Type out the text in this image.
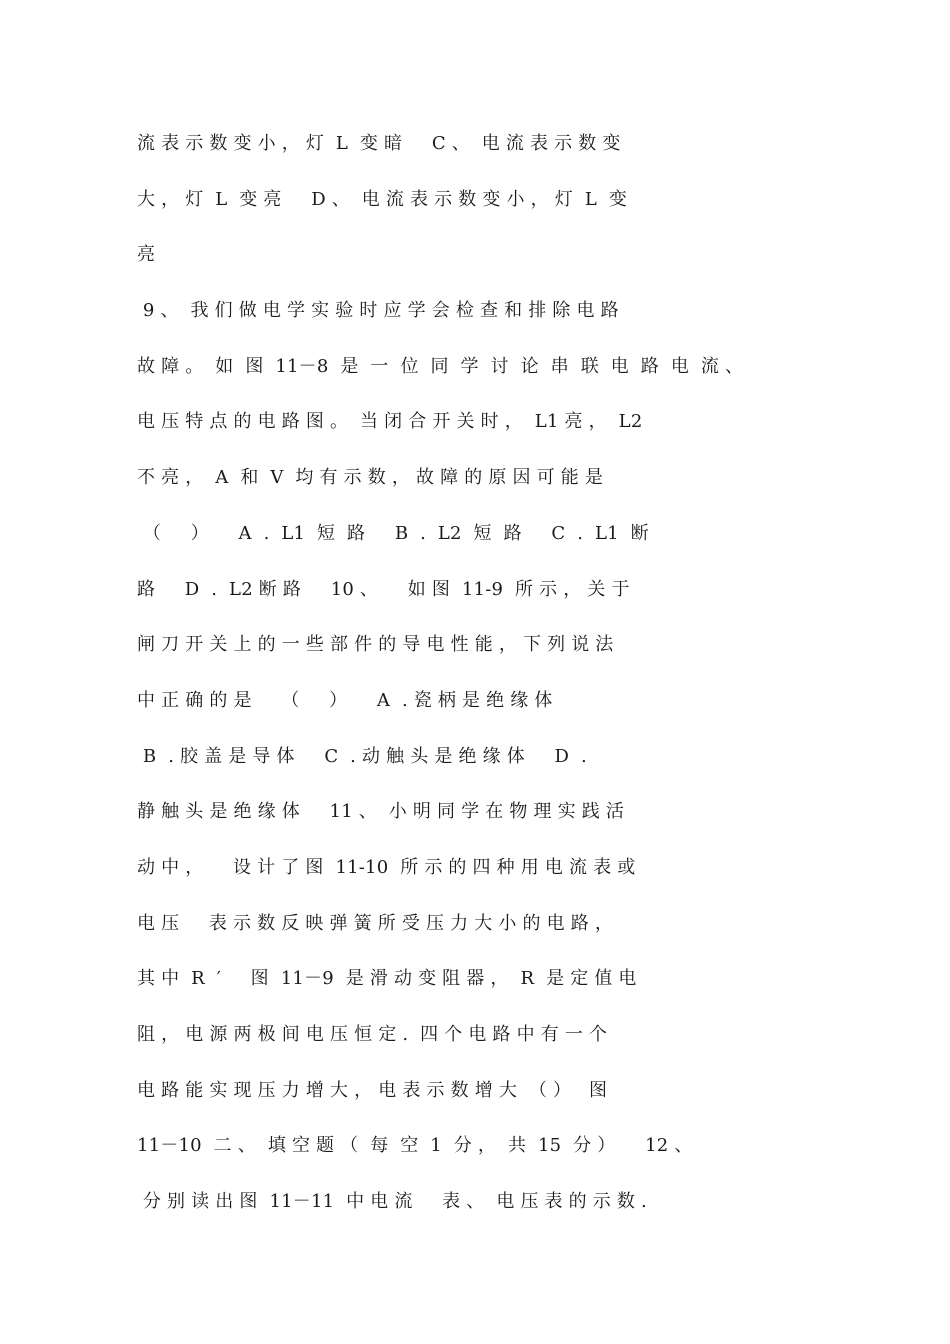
流 表 示 数 变 小 ， 灯  L  变 暗     C 、  电 流 表 示 数 变
大 ， 灯  L  变 亮     D 、  电 流 表 示 数 变 小 ， 灯  L  变
亮
9 、  我 们 做 电 学 实 验 时 应 学 会 检 查 和 排 除 电 路
故 障 。  如  图  11－8  是  一  位  同  学  讨  论  串  联  电  路  电  流 、
电 压 特 点 的 电 路 图 。  当 闭 合 开 关 时 ，  L1 亮 ，  L2
不 亮 ，  A  和  V  均 有 示 数 ， 故 障 的 原 因 可 能 是
（     ）     A  .  L1  短  路     B  .  L2  短  路     C  .  L1  断
路     D  .  L2 断 路     10 、     如 图  11-9  所 示 ， 关 于
闸 刀 开 关 上 的 一 些 部 件 的 导 电 性 能 ， 下 列 说 法
中 正 确 的 是     （     ）     A  . 瓷 柄 是 绝 缘 体
B  . 胶 盖 是 导 体     C  . 动 触 头 是 绝 缘 体     D  .
静 触 头 是 绝 缘 体     11 、  小 明 同 学 在 物 理 实 践 活
动 中 ，     设 计 了 图  11-10  所 示 的 四 种 用 电 流 表 或
电 压     表 示 数 反 映 弹 簧 所 受 压 力 大 小 的 电 路 ，
其 中  R  ′     图  11－9  是 滑 动 变 阻 器 ，  R  是 定 值 电
阻 ， 电 源 两 极 间 电 压 恒 定 .  四 个 电 路 中 有 一 个
电 路 能 实 现 压 力 增 大 ， 电 表 示 数 增 大  （ ）   图
11－10  二 、  填 空 题 （  每  空  1  分 ，  共  15  分 ）     12 、
分 别 读 出 图  11－11  中 电 流     表 、  电 压 表 的 示 数 .
